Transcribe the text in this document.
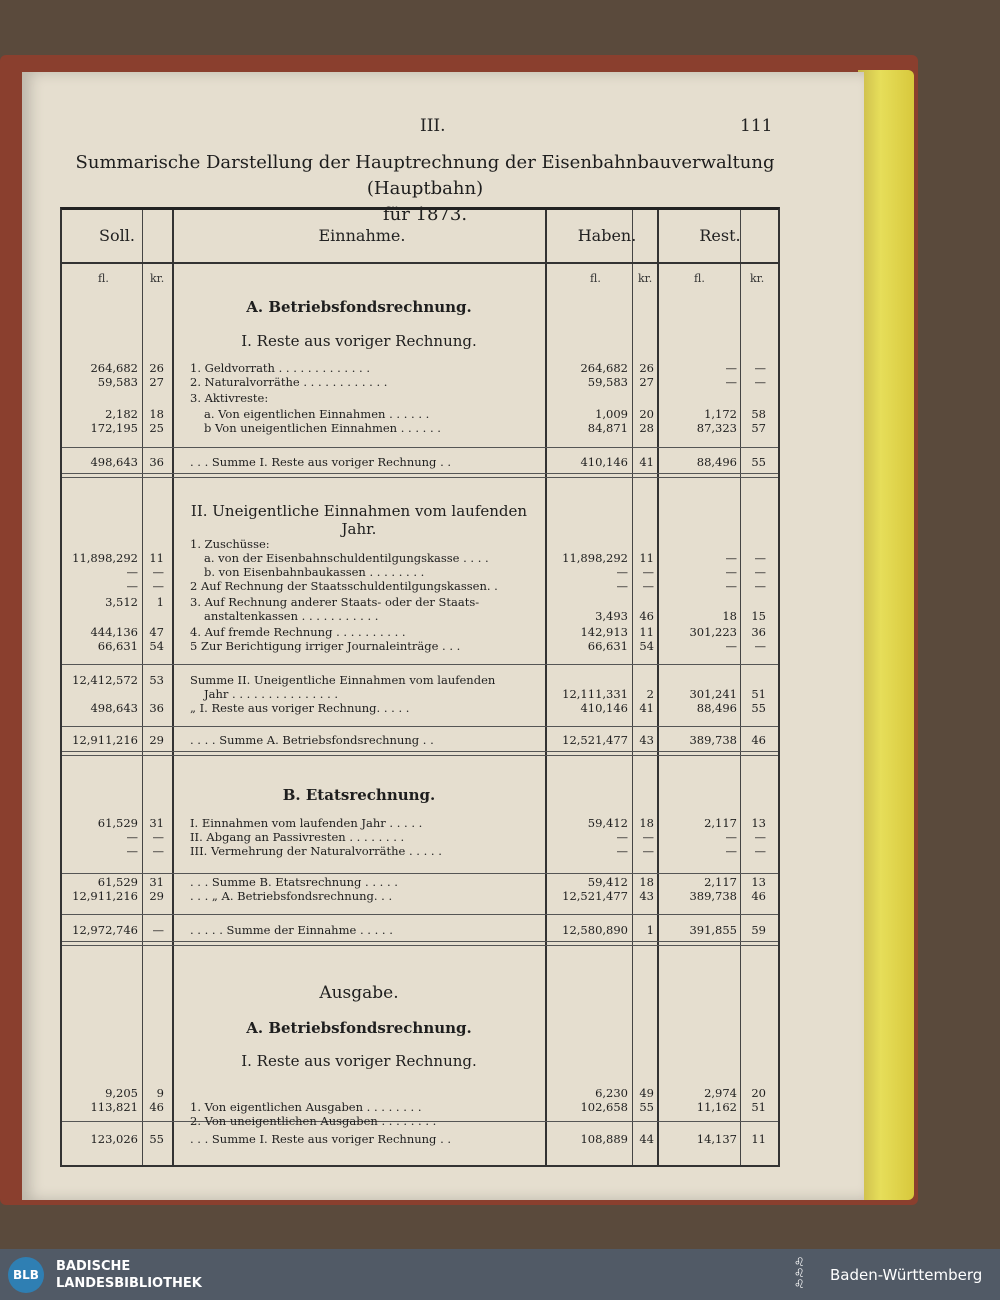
III.	111
Summarische Darstellung der Hauptrechnung der Eisenbahnbauverwaltung (Hauptbahn)
für 1873.
Soll.	Einnahme.	Haben.	Rest.
fl.	kr.	fl.	kr.	fl.	kr.
A. Betriebsfondsrechnung.
I. Reste aus voriger Rechnung.
II. Uneigentliche Einnahmen vom laufenden Jahr.
B. Etatsrechnung.
Ausgabe.
A. Betriebsfondsrechnung.
I. Reste aus voriger Rechnung.
264,682 26 1. Geldvorrath . . . . . . . . . . . . .	264,682 26	—	—
59,583 27 2. Naturalvorräthe . . . . . . . . . . . .	59,583 27	—	—
3. Aktivreste:
2,182 18	a. Von eigentlichen Einnahmen . . . . . .	1,009 20	1,172	58
172,195 25	b Von uneigentlichen Einnahmen . . . . . .	84,871 28	87,323	57
498,643 36 . . . Summe I. Reste aus voriger Rechnung . .	410,146 41	88,496	55
1. Zuschüsse:
11,898,292 11	a. von der Eisenbahnschuldentilgungskasse . . . .	11,898,292 11	—	—
—	—	b. von Eisenbahnbaukassen . . . . . . . .	—	—	—	—
—	— 2 Auf Rechnung der Staatsschuldentilgungskassen. .	—	—	—	—
3,512	1 3. Auf Rechnung anderer Staats- oder der Staats-
anstaltenkassen . . . . . . . . . . .	3,493 46	18	15
444,136 47 4. Auf fremde Rechnung . . . . . . . . . .	142,913 11	301,223	36
66,631 54 5 Zur Berichtigung irriger Journaleinträge . . .	66,631 54	—	—
12,412,572 53 Summe II. Uneigentliche Einnahmen vom laufenden
Jahr . . . . . . . . . . . . . . .	12,111,331	2	301,241	51
498,643 36 „ I. Reste aus voriger Rechnung. . . . .	410,146 41	88,496	55
12,911,216 29 . . . . Summe A. Betriebsfondsrechnung . .	12,521,477 43	389,738	46
61,529 31 I. Einnahmen vom laufenden Jahr . . . . .	59,412 18	2,117	13
—	— II. Abgang an Passivresten . . . . . . . .	—	—	—	—
—	— III. Vermehrung der Naturalvorräthe . . . . .	—	—	—	—
61,529 31 . . . Summe B. Etatsrechnung . . . . .	59,412 18	2,117	13
12,911,216 29 . . . „ A. Betriebsfondsrechnung. . .	12,521,477 43	389,738	46
12,972,746	— . . . . . Summe der Einnahme . . . . .	12,580,890	1	391,855	59
9,205	9	6,230 49	2,974	20
113,821 46 1. Von eigentlichen Ausgaben . . . . . . . .	102,658 55	11,162	51
2. Von uneigentlichen Ausgaben . . . . . . . .
123,026 55 . . . Summe I. Reste aus voriger Rechnung . .	108,889 44	14,137	11
BLB
BADISCHE
LANDESBIBLIOTHEK
♌
♌
♌ Baden-Württemberg
